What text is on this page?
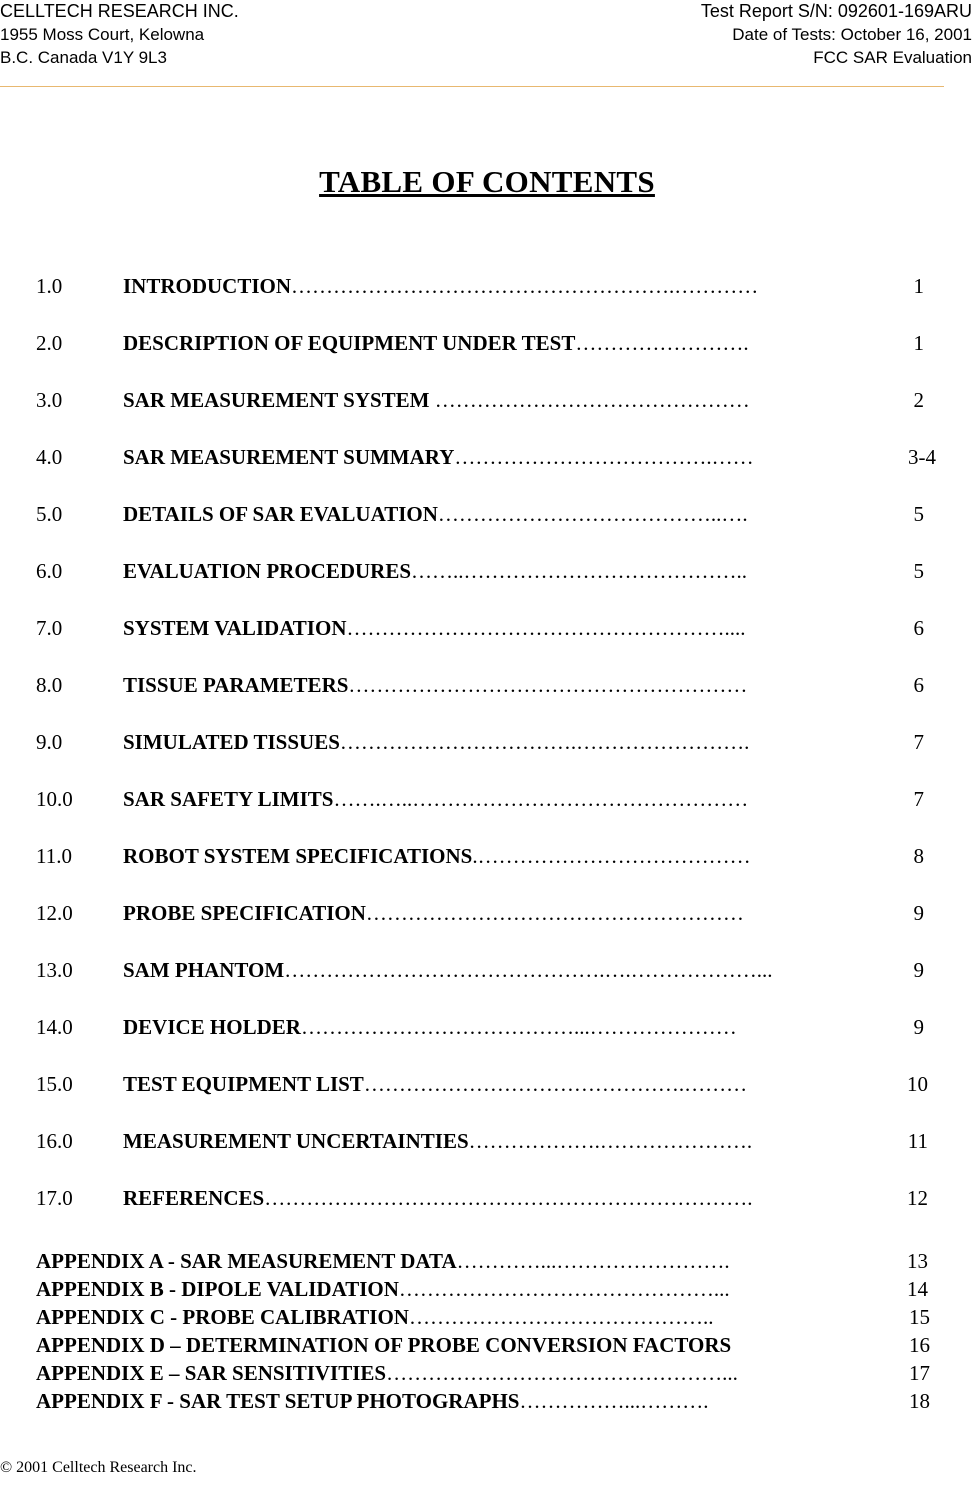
CELLTECH RESEARCH INC.
1955 Moss Court, Kelowna
B.C. Canada V1Y 9L3
Test Report S/N: 092601-169ARU
Date of Tests: October 16, 2001
FCC SAR Evaluation
TABLE OF CONTENTS
1.0	INTRODUCTION……………………………………………….…………	1
2.0	DESCRIPTION OF EQUIPMENT UNDER TEST…………………….	1
3.0	SAR MEASUREMENT SYSTEM ………………………………………	2
4.0	SAR MEASUREMENT SUMMARY……………………………….……	3-4
5.0	DETAILS OF SAR EVALUATION…………………………………..….	5
6.0	EVALUATION PROCEDURES……..…………………………………..	5
7.0	SYSTEM VALIDATION………………………………………………....	6
8.0	TISSUE PARAMETERS…………………………………………………	6
9.0	SIMULATED TISSUES…………………………….…………………….	7
10.0 SAR SAFETY LIMITS…….…..…………………………………………	7
11.0 ROBOT SYSTEM SPECIFICATIONS.…………………………………	8
12.0 PROBE SPECIFICATION………………………………………………	9
13.0 SAM PHANTOM……………………………………….….………………...	9
14.0 DEVICE HOLDER…………………………………...…………………	9
15.0 TEST EQUIPMENT LIST……………………………………….………	10
16.0 MEASUREMENT UNCERTAINTIES……………….………………….	11
17.0 REFERENCES…………………………………………………………….	12
APPENDIX A - SAR MEASUREMENT DATA…………...…………………….	13
APPENDIX B - DIPOLE VALIDATION………………………………………...	14
APPENDIX C - PROBE CALIBRATION……………………………………..	15
APPENDIX D – DETERMINATION OF PROBE CONVERSION FACTORS	16
APPENDIX E – SAR SENSITIVITIES…………………………………………...	17
APPENDIX F - SAR TEST SETUP PHOTOGRAPHS……………...……….	18
© 2001 Celltech Research Inc.
